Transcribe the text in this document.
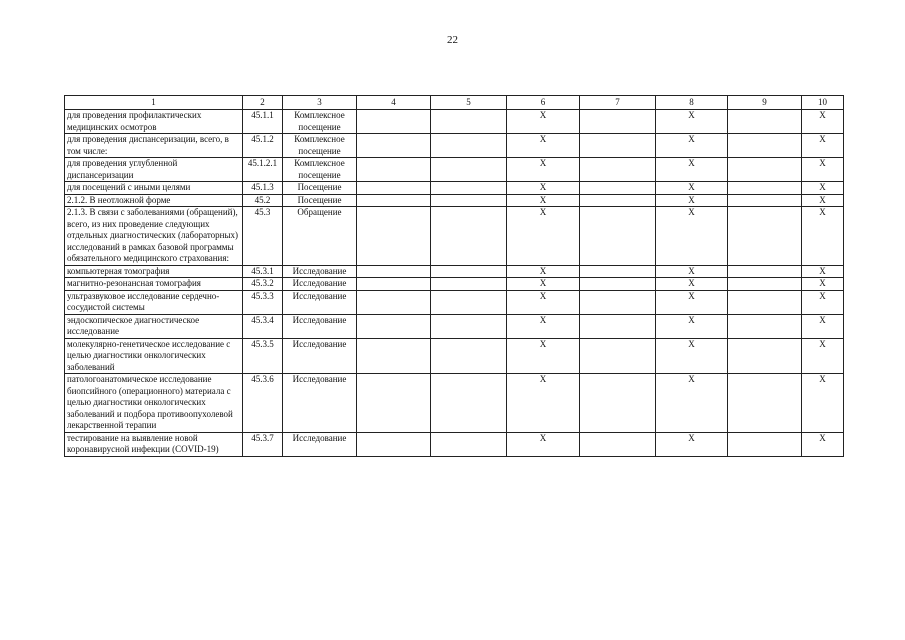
22
1	2	3	4	5	6	7	8	9	10
для проведения профилактических медицинских осмотров	45.1.1	Комплексное посещение			X		X		X
для проведения диспансеризации, всего, в том числе:	45.1.2	Комплексное посещение			X		X		X
для проведения углубленной диспансеризации	45.1.2.1	Комплексное посещение			X		X		X
для посещений с иными целями	45.1.3	Посещение			X		X		X
2.1.2. В неотложной форме	45.2	Посещение			X		X		X
2.1.3. В связи с заболеваниями (обращений), всего, из них проведение следующих отдельных диагностических (лабораторных) исследований в рамках базовой программы обязательного медицинского страхования:	45.3	Обращение			X		X		X
компьютерная томография	45.3.1	Исследование			X		X		X
магнитно-резонансная томография	45.3.2	Исследование			X		X		X
ультразвуковое исследование сердечно-сосудистой системы	45.3.3	Исследование			X		X		X
эндоскопическое диагностическое исследование	45.3.4	Исследование			X		X		X
молекулярно-генетическое исследование с целью диагностики онкологических заболеваний	45.3.5	Исследование			X		X		X
патологоанатомическое исследование биопсийного (операционного) материала с целью диагностики онкологических заболеваний и подбора противоопухолевой лекарственной терапии	45.3.6	Исследование			X		X		X
тестирование на выявление новой коронавирусной инфекции (COVID-19)	45.3.7	Исследование			X		X		X
